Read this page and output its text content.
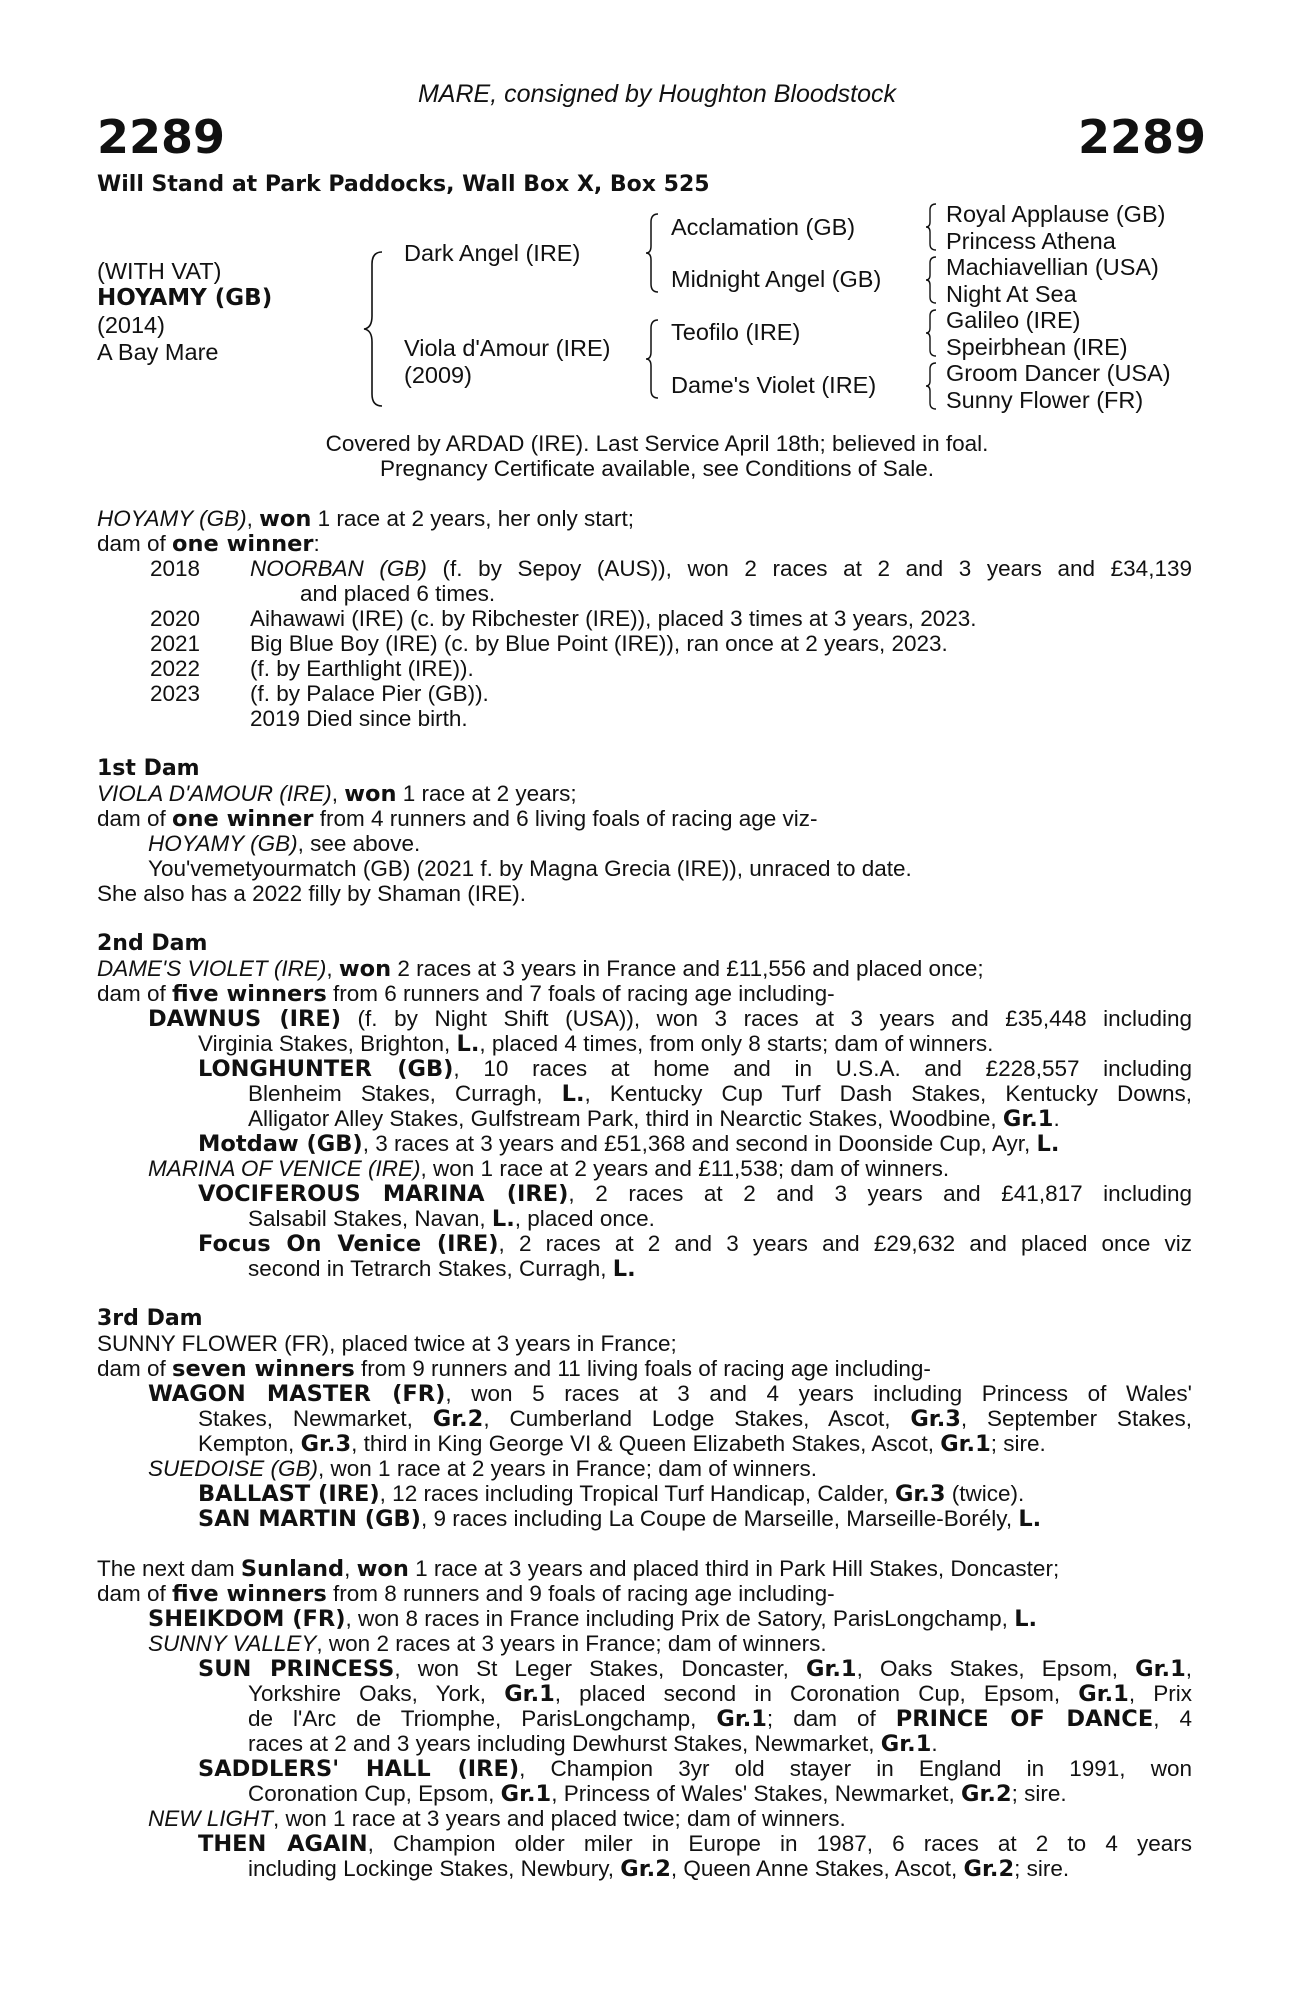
MARE, consigned by Houghton Bloodstock
2289	2289
Will Stand at Park Paddocks, Wall Box X, Box 525
(WITH VAT)
HOYAMY (GB)
(2014)
A Bay Mare
Dark Angel (IRE)
Viola d'Amour (IRE)
(2009)
Acclamation (GB)
Midnight Angel (GB)
Teofilo (IRE)
Dame's Violet (IRE)
Royal Applause (GB)
Princess Athena
Machiavellian (USA)
Night At Sea
Galileo (IRE)
Speirbhean (IRE)
Groom Dancer (USA)
Sunny Flower (FR)
Covered by ARDAD (IRE). Last Service April 18th; believed in foal.
Pregnancy Certificate available, see Conditions of Sale.
HOYAMY (GB), won 1 race at 2 years, her only start;
dam of one winner:
2018 NOORBAN (GB) (f. by Sepoy (AUS)), won 2 races at 2 and 3 years and £34,139
and placed 6 times.
2020 Aihawawi (IRE) (c. by Ribchester (IRE)), placed 3 times at 3 years, 2023.
2021 Big Blue Boy (IRE) (c. by Blue Point (IRE)), ran once at 2 years, 2023.
2022 (f. by Earthlight (IRE)).
2023 (f. by Palace Pier (GB)).
2019 Died since birth.
1st Dam
VIOLA D'AMOUR (IRE), won 1 race at 2 years;
dam of one winner from 4 runners and 6 living foals of racing age viz-
HOYAMY (GB), see above.
You'vemetyourmatch (GB) (2021 f. by Magna Grecia (IRE)), unraced to date.
She also has a 2022 filly by Shaman (IRE).
2nd Dam
DAME'S VIOLET (IRE), won 2 races at 3 years in France and £11,556 and placed once;
dam of five winners from 6 runners and 7 foals of racing age including-
DAWNUS (IRE) (f. by Night Shift (USA)), won 3 races at 3 years and £35,448 including
Virginia Stakes, Brighton, L., placed 4 times, from only 8 starts; dam of winners.
LONGHUNTER (GB), 10 races at home and in U.S.A. and £228,557 including
Blenheim Stakes, Curragh, L., Kentucky Cup Turf Dash Stakes, Kentucky Downs,
Alligator Alley Stakes, Gulfstream Park, third in Nearctic Stakes, Woodbine, Gr.1.
Motdaw (GB), 3 races at 3 years and £51,368 and second in Doonside Cup, Ayr, L.
MARINA OF VENICE (IRE), won 1 race at 2 years and £11,538; dam of winners.
VOCIFEROUS MARINA (IRE), 2 races at 2 and 3 years and £41,817 including
Salsabil Stakes, Navan, L., placed once.
Focus On Venice (IRE), 2 races at 2 and 3 years and £29,632 and placed once viz
second in Tetrarch Stakes, Curragh, L.
3rd Dam
SUNNY FLOWER (FR), placed twice at 3 years in France;
dam of seven winners from 9 runners and 11 living foals of racing age including-
WAGON MASTER (FR), won 5 races at 3 and 4 years including Princess of Wales'
Stakes, Newmarket, Gr.2, Cumberland Lodge Stakes, Ascot, Gr.3, September Stakes,
Kempton, Gr.3, third in King George VI & Queen Elizabeth Stakes, Ascot, Gr.1; sire.
SUEDOISE (GB), won 1 race at 2 years in France; dam of winners.
BALLAST (IRE), 12 races including Tropical Turf Handicap, Calder, Gr.3 (twice).
SAN MARTIN (GB), 9 races including La Coupe de Marseille, Marseille-Borély, L.
The next dam Sunland, won 1 race at 3 years and placed third in Park Hill Stakes, Doncaster;
dam of five winners from 8 runners and 9 foals of racing age including-
SHEIKDOM (FR), won 8 races in France including Prix de Satory, ParisLongchamp, L.
SUNNY VALLEY, won 2 races at 3 years in France; dam of winners.
SUN PRINCESS, won St Leger Stakes, Doncaster, Gr.1, Oaks Stakes, Epsom, Gr.1,
Yorkshire Oaks, York, Gr.1, placed second in Coronation Cup, Epsom, Gr.1, Prix
de l'Arc de Triomphe, ParisLongchamp, Gr.1; dam of PRINCE OF DANCE, 4
races at 2 and 3 years including Dewhurst Stakes, Newmarket, Gr.1.
SADDLERS' HALL (IRE), Champion 3yr old stayer in England in 1991, won
Coronation Cup, Epsom, Gr.1, Princess of Wales' Stakes, Newmarket, Gr.2; sire.
NEW LIGHT, won 1 race at 3 years and placed twice; dam of winners.
THEN AGAIN, Champion older miler in Europe in 1987, 6 races at 2 to 4 years
including Lockinge Stakes, Newbury, Gr.2, Queen Anne Stakes, Ascot, Gr.2; sire.
